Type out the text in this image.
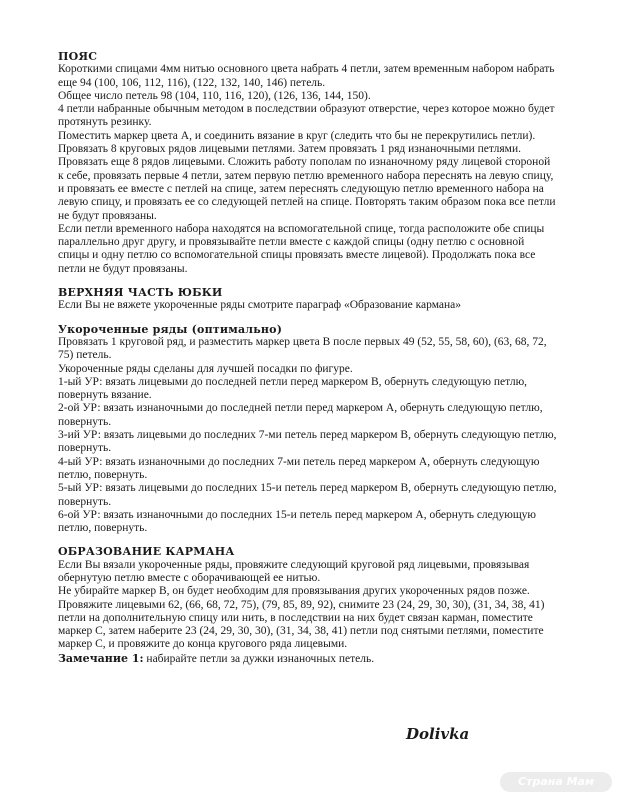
ПОЯС

Короткими спицами 4мм нитью основного цвета набрать 4 петли, затем временным набором набрать еще 94 (100, 106, 112, 116), (122, 132, 140, 146) петель.

Общее число петель 98 (104, 110, 116, 120), (126, 136, 144, 150).

4 петли набранные обычным методом в последствии образуют отверстие, через которое можно будет протянуть резинку.

Поместить маркер цвета А, и соединить вязание в круг (следить что бы не перекрутились петли).

Провязать 8 круговых рядов лицевыми петлями. Затем провязать 1 ряд изнаночными петлями. Провязать еще 8 рядов лицевыми. Сложить работу пополам по изнаночному ряду лицевой стороной к себе, провязать первые 4 петли, затем первую петлю временного набора переснять на левую спицу, и провязать ее вместе с петлей на спице, затем переснять следующую петлю временного набора на левую спицу, и провязать ее со следующей петлей на спице. Повторять таким образом пока все петли не будут провязаны.

Если петли временного набора находятся на вспомогательной спице, тогда расположите обе спицы параллельно друг другу, и провязывайте петли вместе с каждой спицы (одну петлю с основной спицы и одну петлю со вспомогательной спицы провязать вместе лицевой). Продолжать пока все петли не будут провязаны.

ВЕРХНЯЯ ЧАСТЬ ЮБКИ

Если Вы не вяжете укороченные ряды смотрите параграф «Образование кармана»

Укороченные ряды (оптимально)

Провязать 1 круговой ряд, и разместить маркер цвета В после первых 49 (52, 55, 58, 60), (63, 68, 72, 75) петель.

Укороченные ряды сделаны для лучшей посадки по фигуре.

1-ый УР: вязать лицевыми до последней петли перед маркером В, обернуть следующую петлю, повернуть вязание.

2-ой УР: вязать изнаночными до последней петли перед маркером А, обернуть следующую петлю, повернуть.

3-ий УР: вязать лицевыми до последних 7-ми петель перед маркером В, обернуть следующую петлю, повернуть.

4-ый УР: вязать изнаночными до последних 7-ми петель перед маркером А, обернуть следующую петлю, повернуть.

5-ый УР: вязать лицевыми до последних 15-и петель перед маркером В, обернуть следующую петлю, повернуть.

6-ой УР: вязать изнаночными до последних 15-и петель перед маркером А, обернуть следующую петлю, повернуть.

ОБРАЗОВАНИЕ КАРМАНА

Если Вы вязали укороченные ряды, провяжите следующий круговой ряд лицевыми, провязывая обернутую петлю вместе с оборачивающей ее нитью.

Не убирайте маркер В, он будет необходим для провязывания других укороченных рядов позже.

Провяжите лицевыми 62, (66, 68, 72, 75), (79, 85, 89, 92), снимите 23 (24, 29, 30, 30), (31, 34, 38, 41) петли на дополнительную спицу или нить, в последствии на них будет связан карман, поместите маркер С, затем наберите 23 (24, 29, 30, 30), (31, 34, 38, 41) петли под снятыми петлями, поместите маркер С, и провяжите до конца кругового ряда лицевыми.

Замечание 1: набирайте петли за дужки изнаночных петель.

Dolivka
Страна Мам
